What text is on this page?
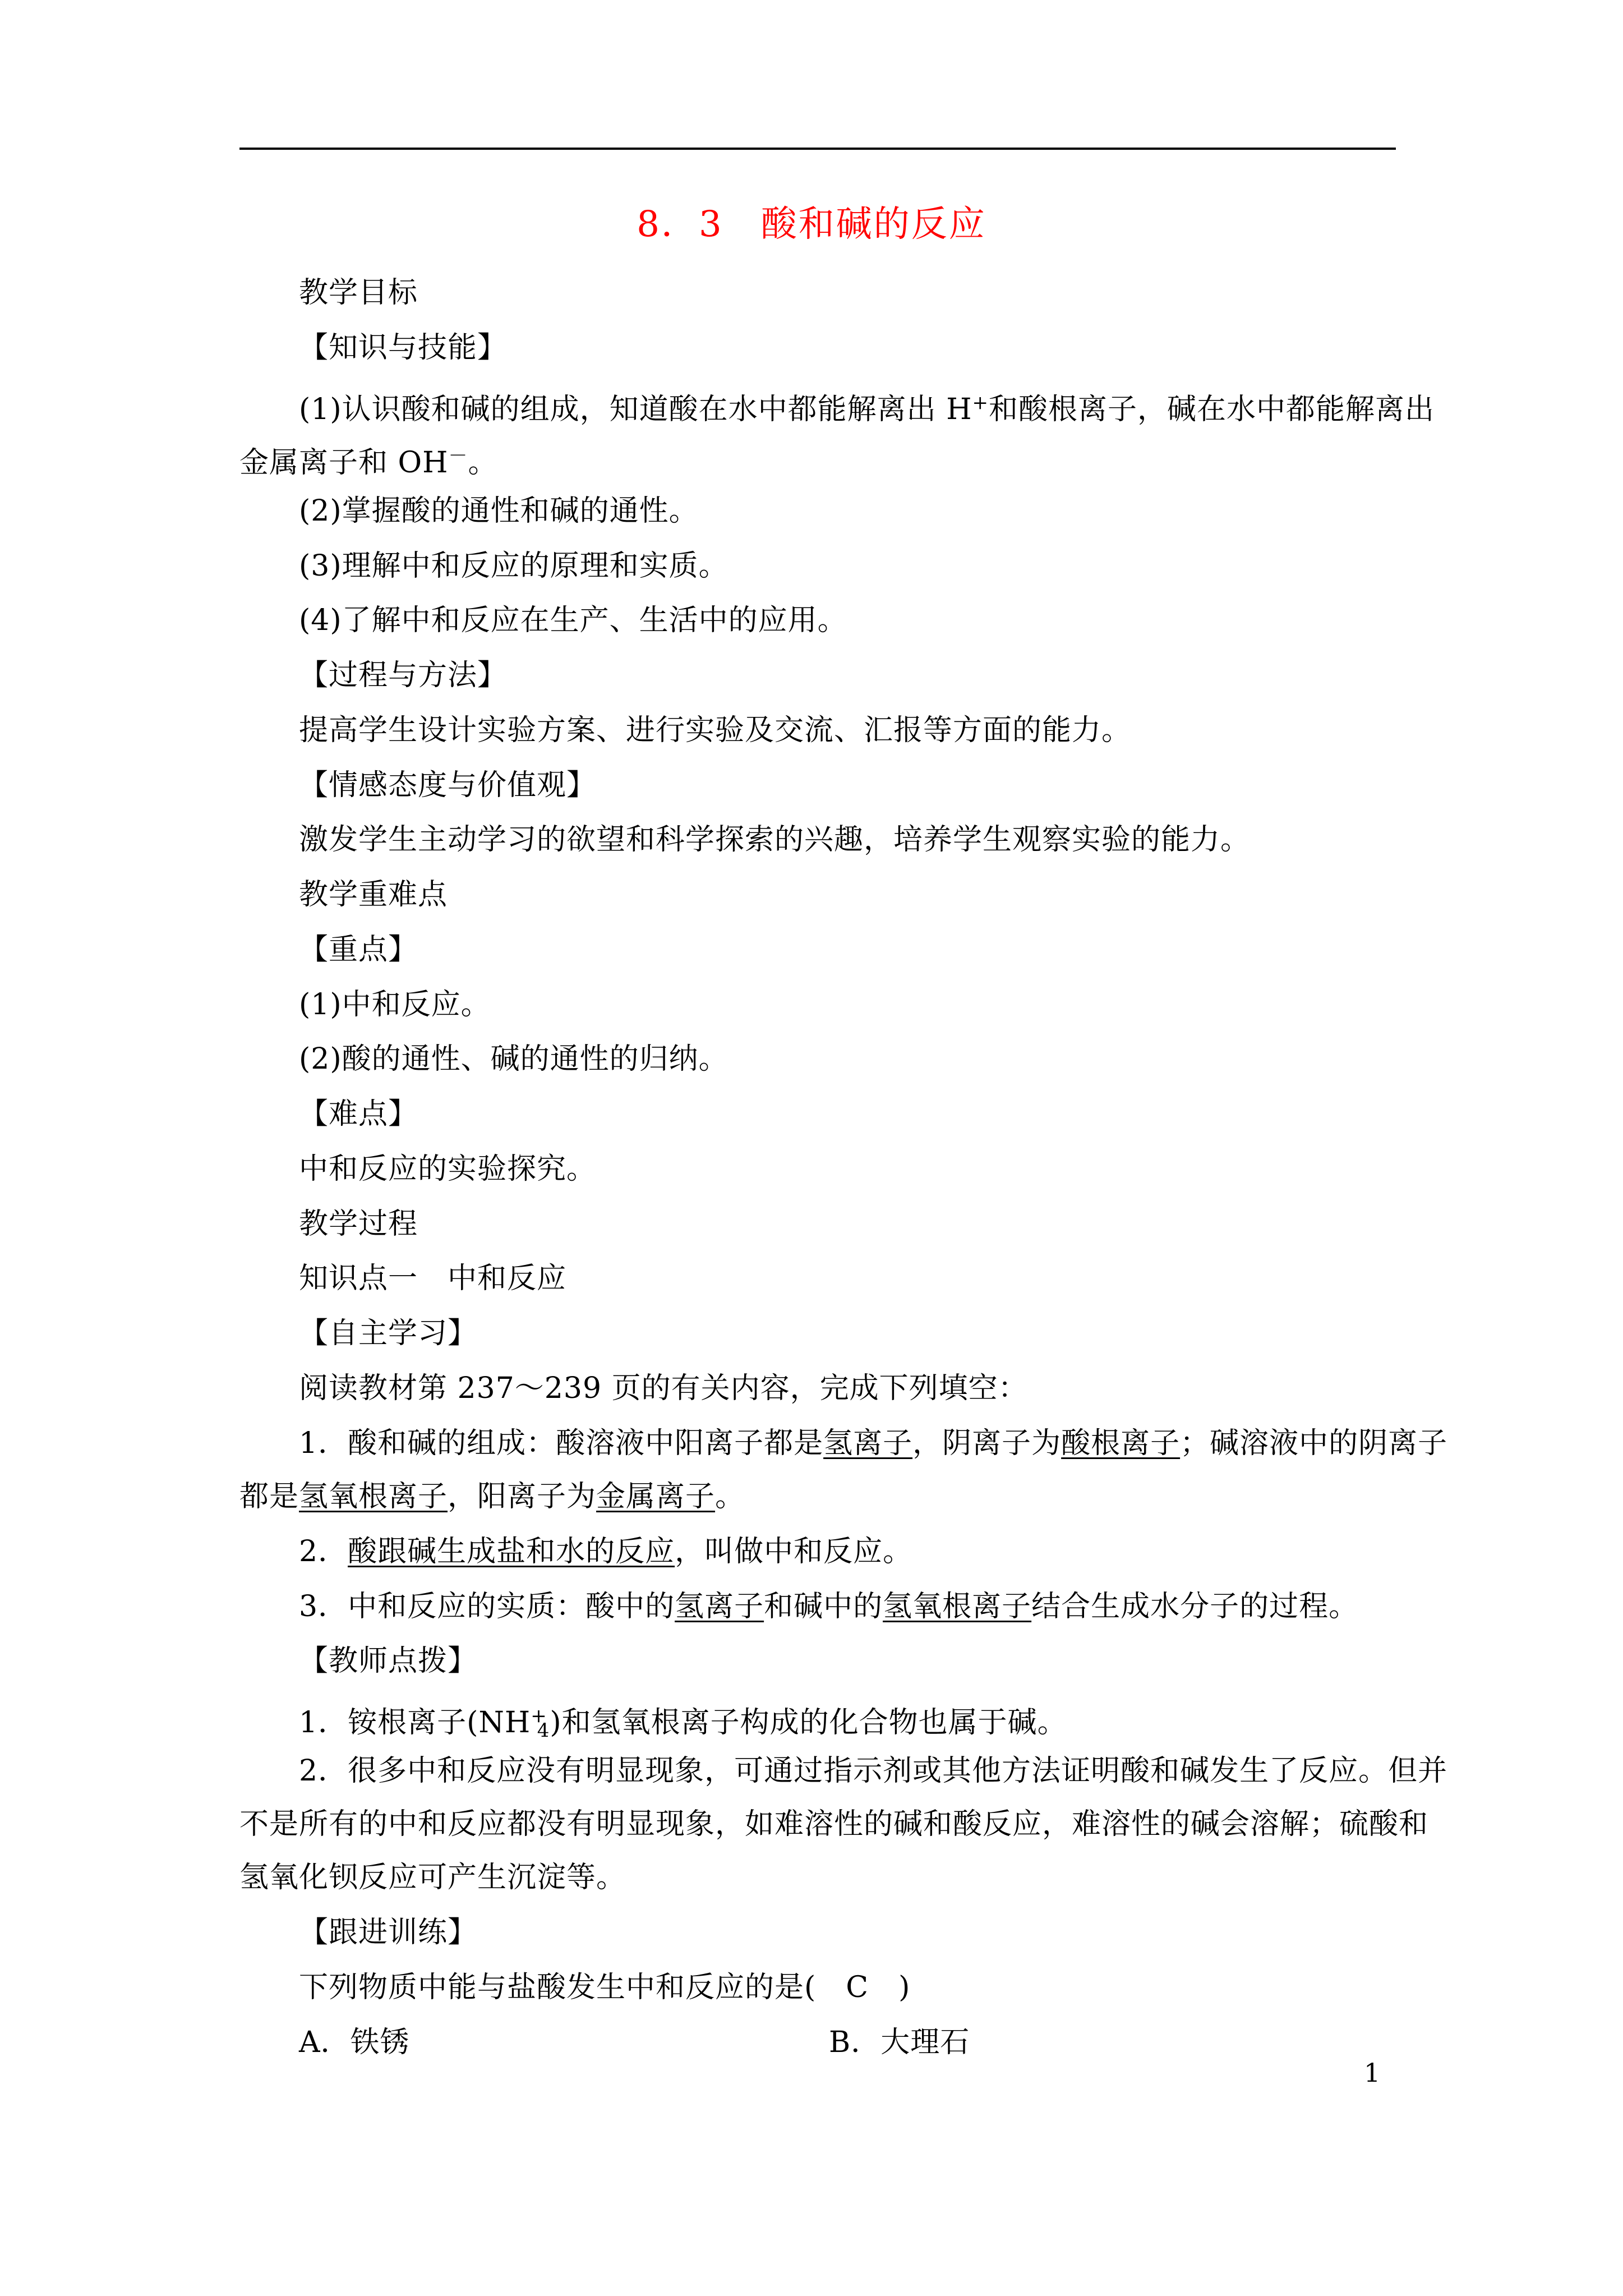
8．3　酸和碱的反应
教学目标
【知识与技能】
(1)认识酸和碱的组成，知道酸在水中都能解离出 H+和酸根离子，碱在水中都能解离出
金属离子和 OH－。
(2)掌握酸的通性和碱的通性。
(3)理解中和反应的原理和实质。
(4)了解中和反应在生产、生活中的应用。
【过程与方法】
提高学生设计实验方案、进行实验及交流、汇报等方面的能力。
【情感态度与价值观】
激发学生主动学习的欲望和科学探索的兴趣，培养学生观察实验的能力。
教学重难点
【重点】
(1)中和反应。
(2)酸的通性、碱的通性的归纳。
【难点】
中和反应的实验探究。
教学过程
知识点一　中和反应
【自主学习】
阅读教材第 237～239 页的有关内容，完成下列填空：
1．酸和碱的组成：酸溶液中阳离子都是氢离子，阴离子为酸根离子；碱溶液中的阴离子
都是氢氧根离子，阳离子为金属离子。
2．酸跟碱生成盐和水的反应，叫做中和反应。
3．中和反应的实质：酸中的氢离子和碱中的氢氧根离子结合生成水分子的过程。
【教师点拨】
1．铵根离子$(NH^+_4)$和氢氧根离子构成的化合物也属于碱。
2．很多中和反应没有明显现象，可通过指示剂或其他方法证明酸和碱发生了反应。但并
不是所有的中和反应都没有明显现象，如难溶性的碱和酸反应，难溶性的碱会溶解；硫酸和
氢氧化钡反应可产生沉淀等。
【跟进训练】
下列物质中能与盐酸发生中和反应的是(　C　)
A．铁锈	B．大理石
1
